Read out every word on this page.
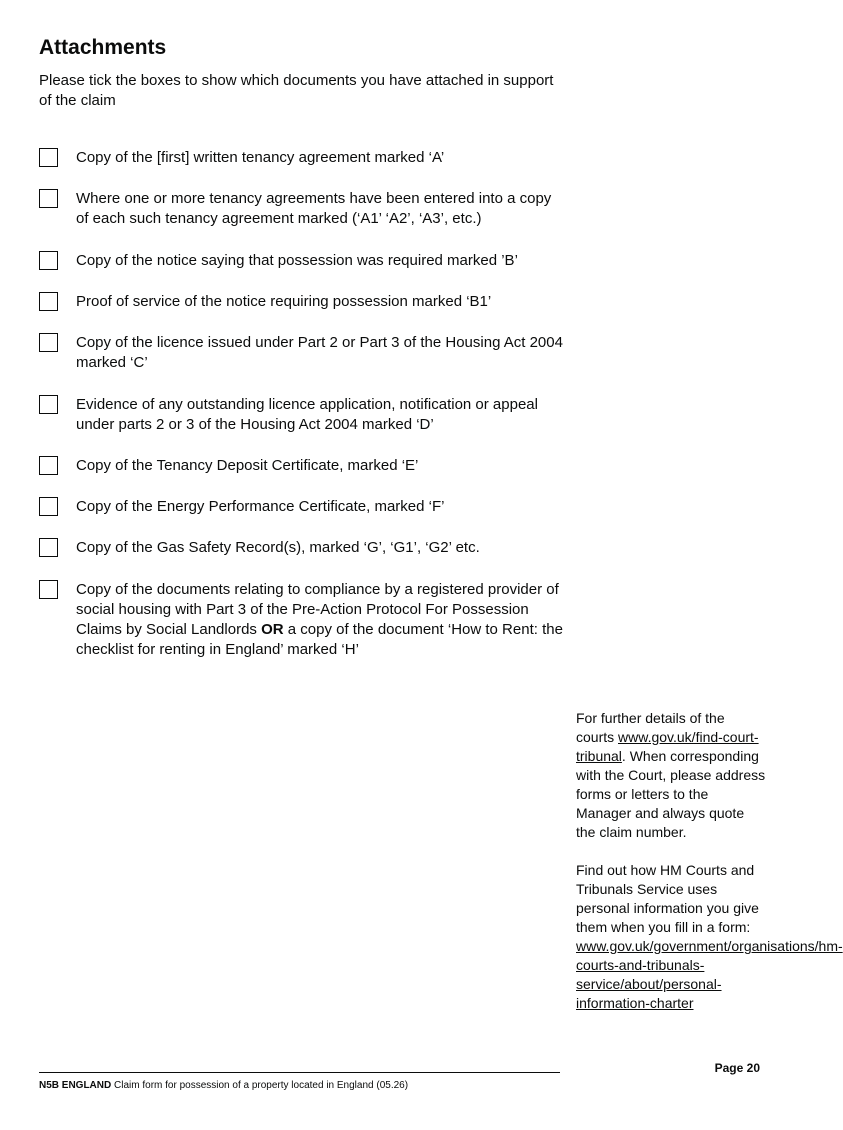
Attachments
Please tick the boxes to show which documents you have attached in support of the claim
Copy of the [first] written tenancy agreement marked ‘A’
Where one or more tenancy agreements have been entered into a copy of each such tenancy agreement marked (‘A1’ ‘A2’, ‘A3’, etc.)
Copy of the notice saying that possession was required marked ’B’
Proof of service of the notice requiring possession marked ‘B1’
Copy of the licence issued under Part 2 or Part 3 of the Housing Act 2004 marked ‘C’
Evidence of any outstanding licence application, notification or appeal under parts 2 or 3 of the Housing Act 2004 marked ‘D’
Copy of the Tenancy Deposit Certificate, marked ‘E’
Copy of the Energy Performance Certificate, marked ‘F’
Copy of the Gas Safety Record(s), marked ‘G’, ‘G1’, ‘G2’ etc.
Copy of the documents relating to compliance by a registered provider of social housing with Part 3 of the Pre-Action Protocol For Possession Claims by Social Landlords OR a copy of the document ‘How to Rent: the checklist for renting in England’ marked ‘H’

For further details of the courts www.gov.uk/find-court-tribunal. When corresponding with the Court, please address forms or letters to the Manager and always quote the claim number.

Find out how HM Courts and Tribunals Service uses personal information you give them when you fill in a form: www.gov.uk/government/organisations/hm-courts-and-tribunals-service/about/personal-information-charter

Page 20
N5B ENGLAND Claim form for possession of a property located in England (05.26)
